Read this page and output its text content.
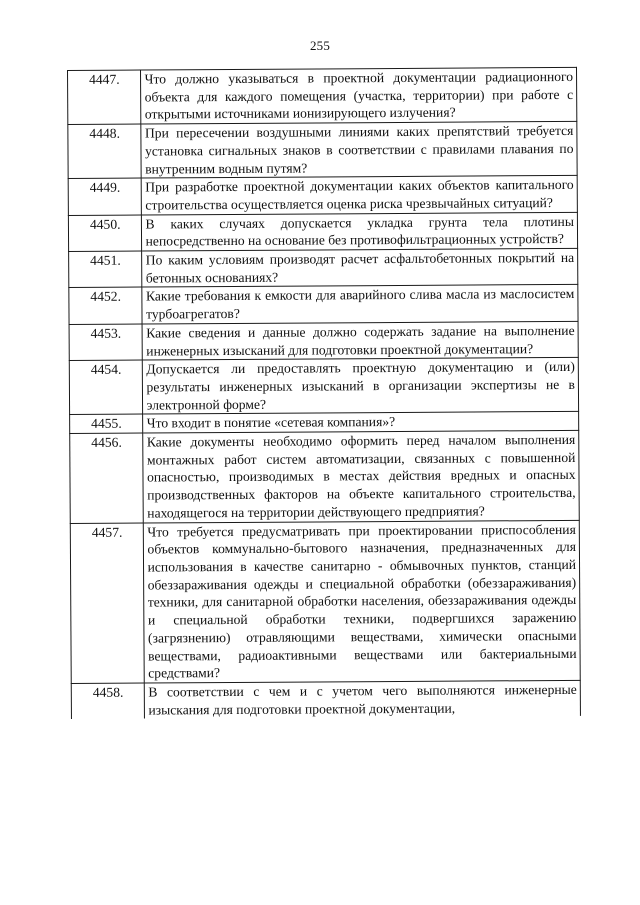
255
4447.	Что должно указываться в проектной документации радиационного объекта для каждого помещения (участка, территории) при работе с открытыми источниками ионизирующего излучения?
4448.	При пересечении воздушными линиями каких препятствий требуется установка сигнальных знаков в соответствии с правилами плавания по внутренним водным путям?
4449.	При разработке проектной документации каких объектов капитального строительства осуществляется оценка риска чрезвычайных ситуаций?
4450.	В каких случаях допускается укладка грунта тела плотины непосредственно на основание без противофильтрационных устройств?
4451.	По каким условиям производят расчет асфальтобетонных покрытий на бетонных основаниях?
4452.	Какие требования к емкости для аварийного слива масла из маслосистем турбоагрегатов?
4453.	Какие сведения и данные должно содержать задание на выполнение инженерных изысканий для подготовки проектной документации?
4454.	Допускается ли предоставлять проектную документацию и (или) результаты инженерных изысканий в организации экспертизы не в электронной форме?
4455.	Что входит в понятие «сетевая компания»?
4456.	Какие документы необходимо оформить перед началом выполнения монтажных работ систем автоматизации, связанных с повышенной опасностью, производимых в местах действия вредных и опасных производственных факторов на объекте капитального строительства, находящегося на территории действующего предприятия?
4457.	Что требуется предусматривать при проектировании приспособления объектов коммунально-бытового назначения, предназначенных для использования в качестве санитарно - обмывочных пунктов, станций обеззараживания одежды и специальной обработки (обеззараживания) техники, для санитарной обработки населения, обеззараживания одежды и специальной обработки техники, подвергшихся заражению (загрязнению) отравляющими веществами, химически опасными веществами, радиоактивными веществами или бактериальными средствами?
4458.	В соответствии с чем и с учетом чего выполняются инженерные изыскания для подготовки проектной документации,
